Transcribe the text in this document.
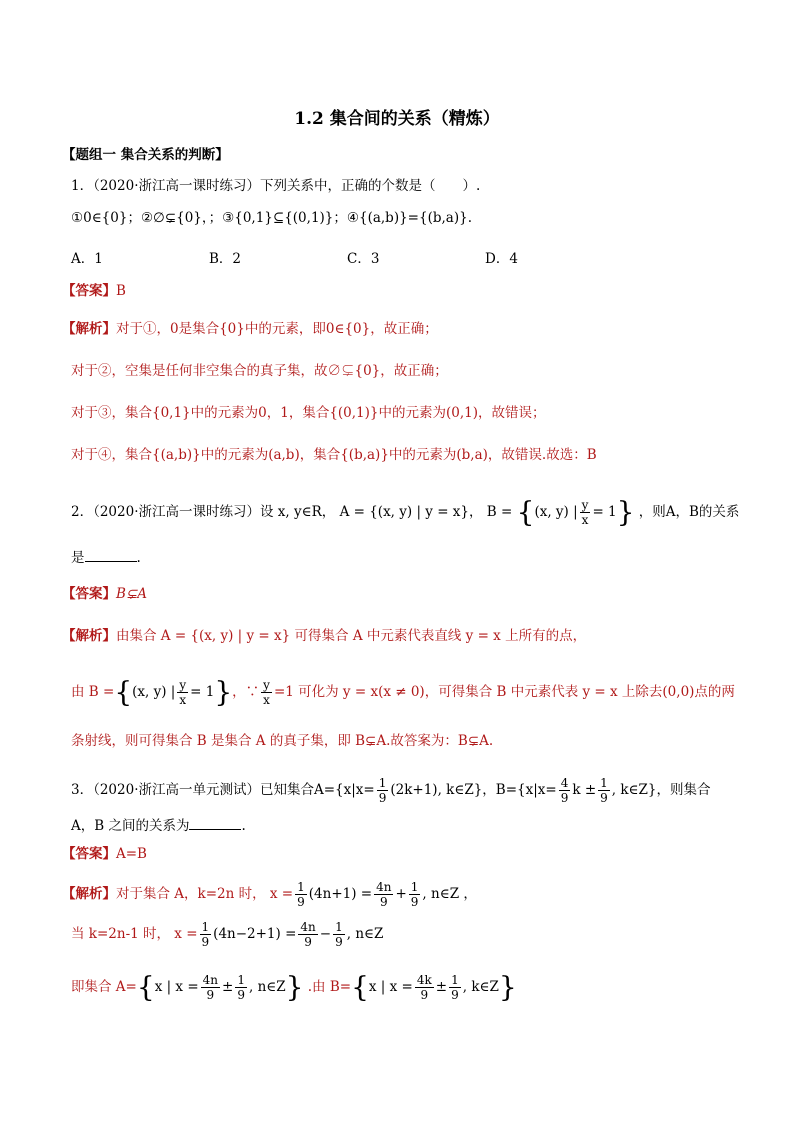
1.2 集合间的关系（精炼）
【题组一 集合关系的判断】
1．（2020·浙江高一课时练习）下列关系中，正确的个数是（　　）.
①0∈{0}；②∅⊊{0}，；③{0,1}⊆{(0,1)}；④{(a,b)}={(b,a)}.
A．1	B．2	C．3	D．4
【答案】B
【解析】对于①，0是集合{0}中的元素，即0∈{0}，故正确；
对于②，空集是任何非空集合的真子集，故∅⊊{0}，故正确；
对于③，集合{0,1}中的元素为0，1，集合{(0,1)}中的元素为(0,1)，故错误；
对于④，集合{(a,b)}中的元素为(a,b)，集合{(b,a)}中的元素为(b,a)，故错误.故选：B
2．（2020·浙江高一课时练习）设 x, y∈R， A = {(x, y) | y = x}， B = {(x, y) | $\frac{y}{x} = 1$} ，则A，B的关系
是	.
【答案】B⊊A
【解析】由集合 A = {(x, y) | y = x} 可得集合 A 中元素代表直线 y = x 上所有的点，
由 B ={(x, y) | $\frac{y}{x} = 1$}，∵ $\frac{y}{x} =1$ 可化为 y = x(x ≠ 0)，可得集合 B 中元素代表 y = x 上除去(0,0)点的两
条射线，则可得集合 B 是集合 A 的真子集，即 B⊊A.故答案为：B⊊A.
3．（2020·浙江高一单元测试）已知集合$A=\{x|x= \frac{1}{9} (2k+1)$, k∈Z}，$B=\{x|x= \frac{4}{9}$ $k \pm \frac{1}{9}$ , k∈Z}，则集合
A，B 之间的关系为	.
【答案】A=B
【解析】对于集合 A，k=2n 时， $x = \frac{1}{9} (4n+1) = \frac{4n}{9} + \frac{1}{9}$ , n∈Z ，
当 k=2n-1 时， $x = \frac{1}{9} (4n-2+1) = \frac{4n}{9} - \frac{1}{9}$ , n∈Z
即集合 A={x | $x = \frac{4n}{9} \pm \frac{1}{9}$ , n∈Z} .由 B={x | $x = \frac{4k}{9} \pm \frac{1}{9}$ , k∈Z}
